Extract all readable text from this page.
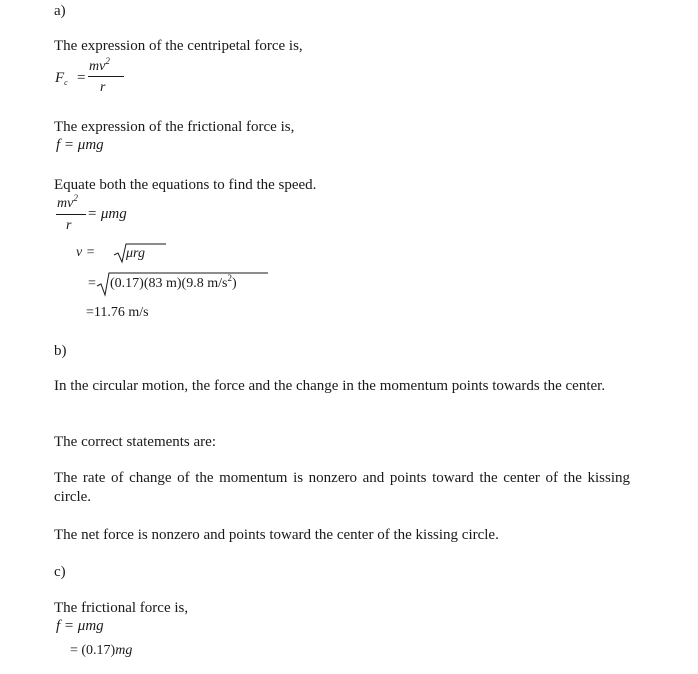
a)
The expression of the centripetal force is,
$F_c$ =
$mv^2$
r
The expression of the frictional force is,
f = μmg
Equate both the equations to find the speed.
$mv^2$
r
= μmg
v = μrg
= (0.17)(83 m)(9.8 $m/s^2$)
=11.76 m/s
b)
In the circular motion, the force and the change in the momentum points towards the center.
The correct statements are:
The rate of change of the momentum is nonzero and points toward the center of the kissing circle.
The net force is nonzero and points toward the center of the kissing circle.
c)
The frictional force is,
f = μmg
= (0.17)mg
